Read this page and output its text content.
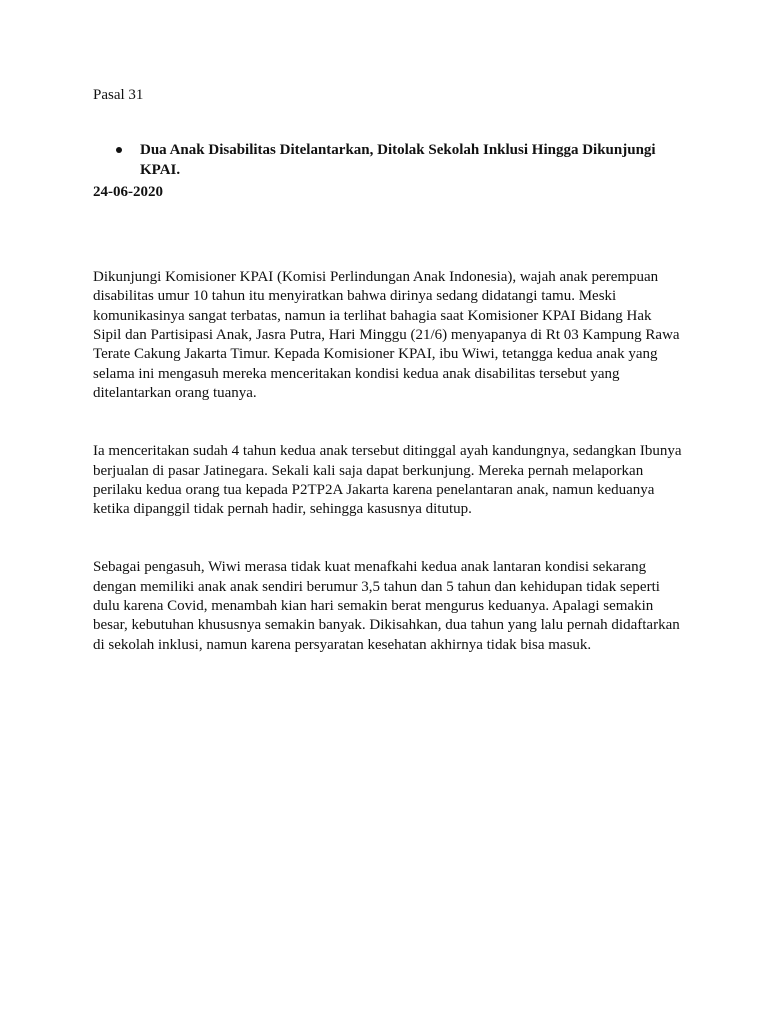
Pasal 31

Dua Anak Disabilitas Ditelantarkan, Ditolak Sekolah Inklusi Hingga Dikunjungi KPAI.

24-06-2020

Dikunjungi Komisioner KPAI (Komisi Perlindungan Anak Indonesia), wajah anak perempuan disabilitas umur 10 tahun itu menyiratkan bahwa dirinya sedang didatangi tamu. Meski komunikasinya sangat terbatas, namun ia terlihat bahagia saat Komisioner KPAI Bidang Hak Sipil dan Partisipasi Anak, Jasra Putra, Hari Minggu (21/6) menyapanya di Rt 03 Kampung Rawa Terate Cakung Jakarta Timur. Kepada Komisioner KPAI, ibu Wiwi, tetangga kedua anak yang selama ini mengasuh mereka menceritakan kondisi kedua anak disabilitas tersebut yang ditelantarkan orang tuanya.

Ia menceritakan sudah 4 tahun kedua anak tersebut ditinggal ayah kandungnya, sedangkan Ibunya berjualan di pasar Jatinegara. Sekali kali saja dapat berkunjung. Mereka pernah melaporkan perilaku kedua orang tua kepada P2TP2A Jakarta karena penelantaran anak, namun keduanya ketika dipanggil tidak pernah hadir, sehingga kasusnya ditutup.

Sebagai pengasuh, Wiwi merasa tidak kuat menafkahi kedua anak lantaran kondisi sekarang dengan memiliki anak anak sendiri berumur 3,5 tahun dan 5 tahun dan kehidupan tidak seperti dulu karena Covid, menambah kian hari semakin berat mengurus keduanya. Apalagi semakin besar, kebutuhan khususnya semakin banyak. Dikisahkan, dua tahun yang lalu pernah didaftarkan di sekolah inklusi, namun karena persyaratan kesehatan akhirnya tidak bisa masuk.
